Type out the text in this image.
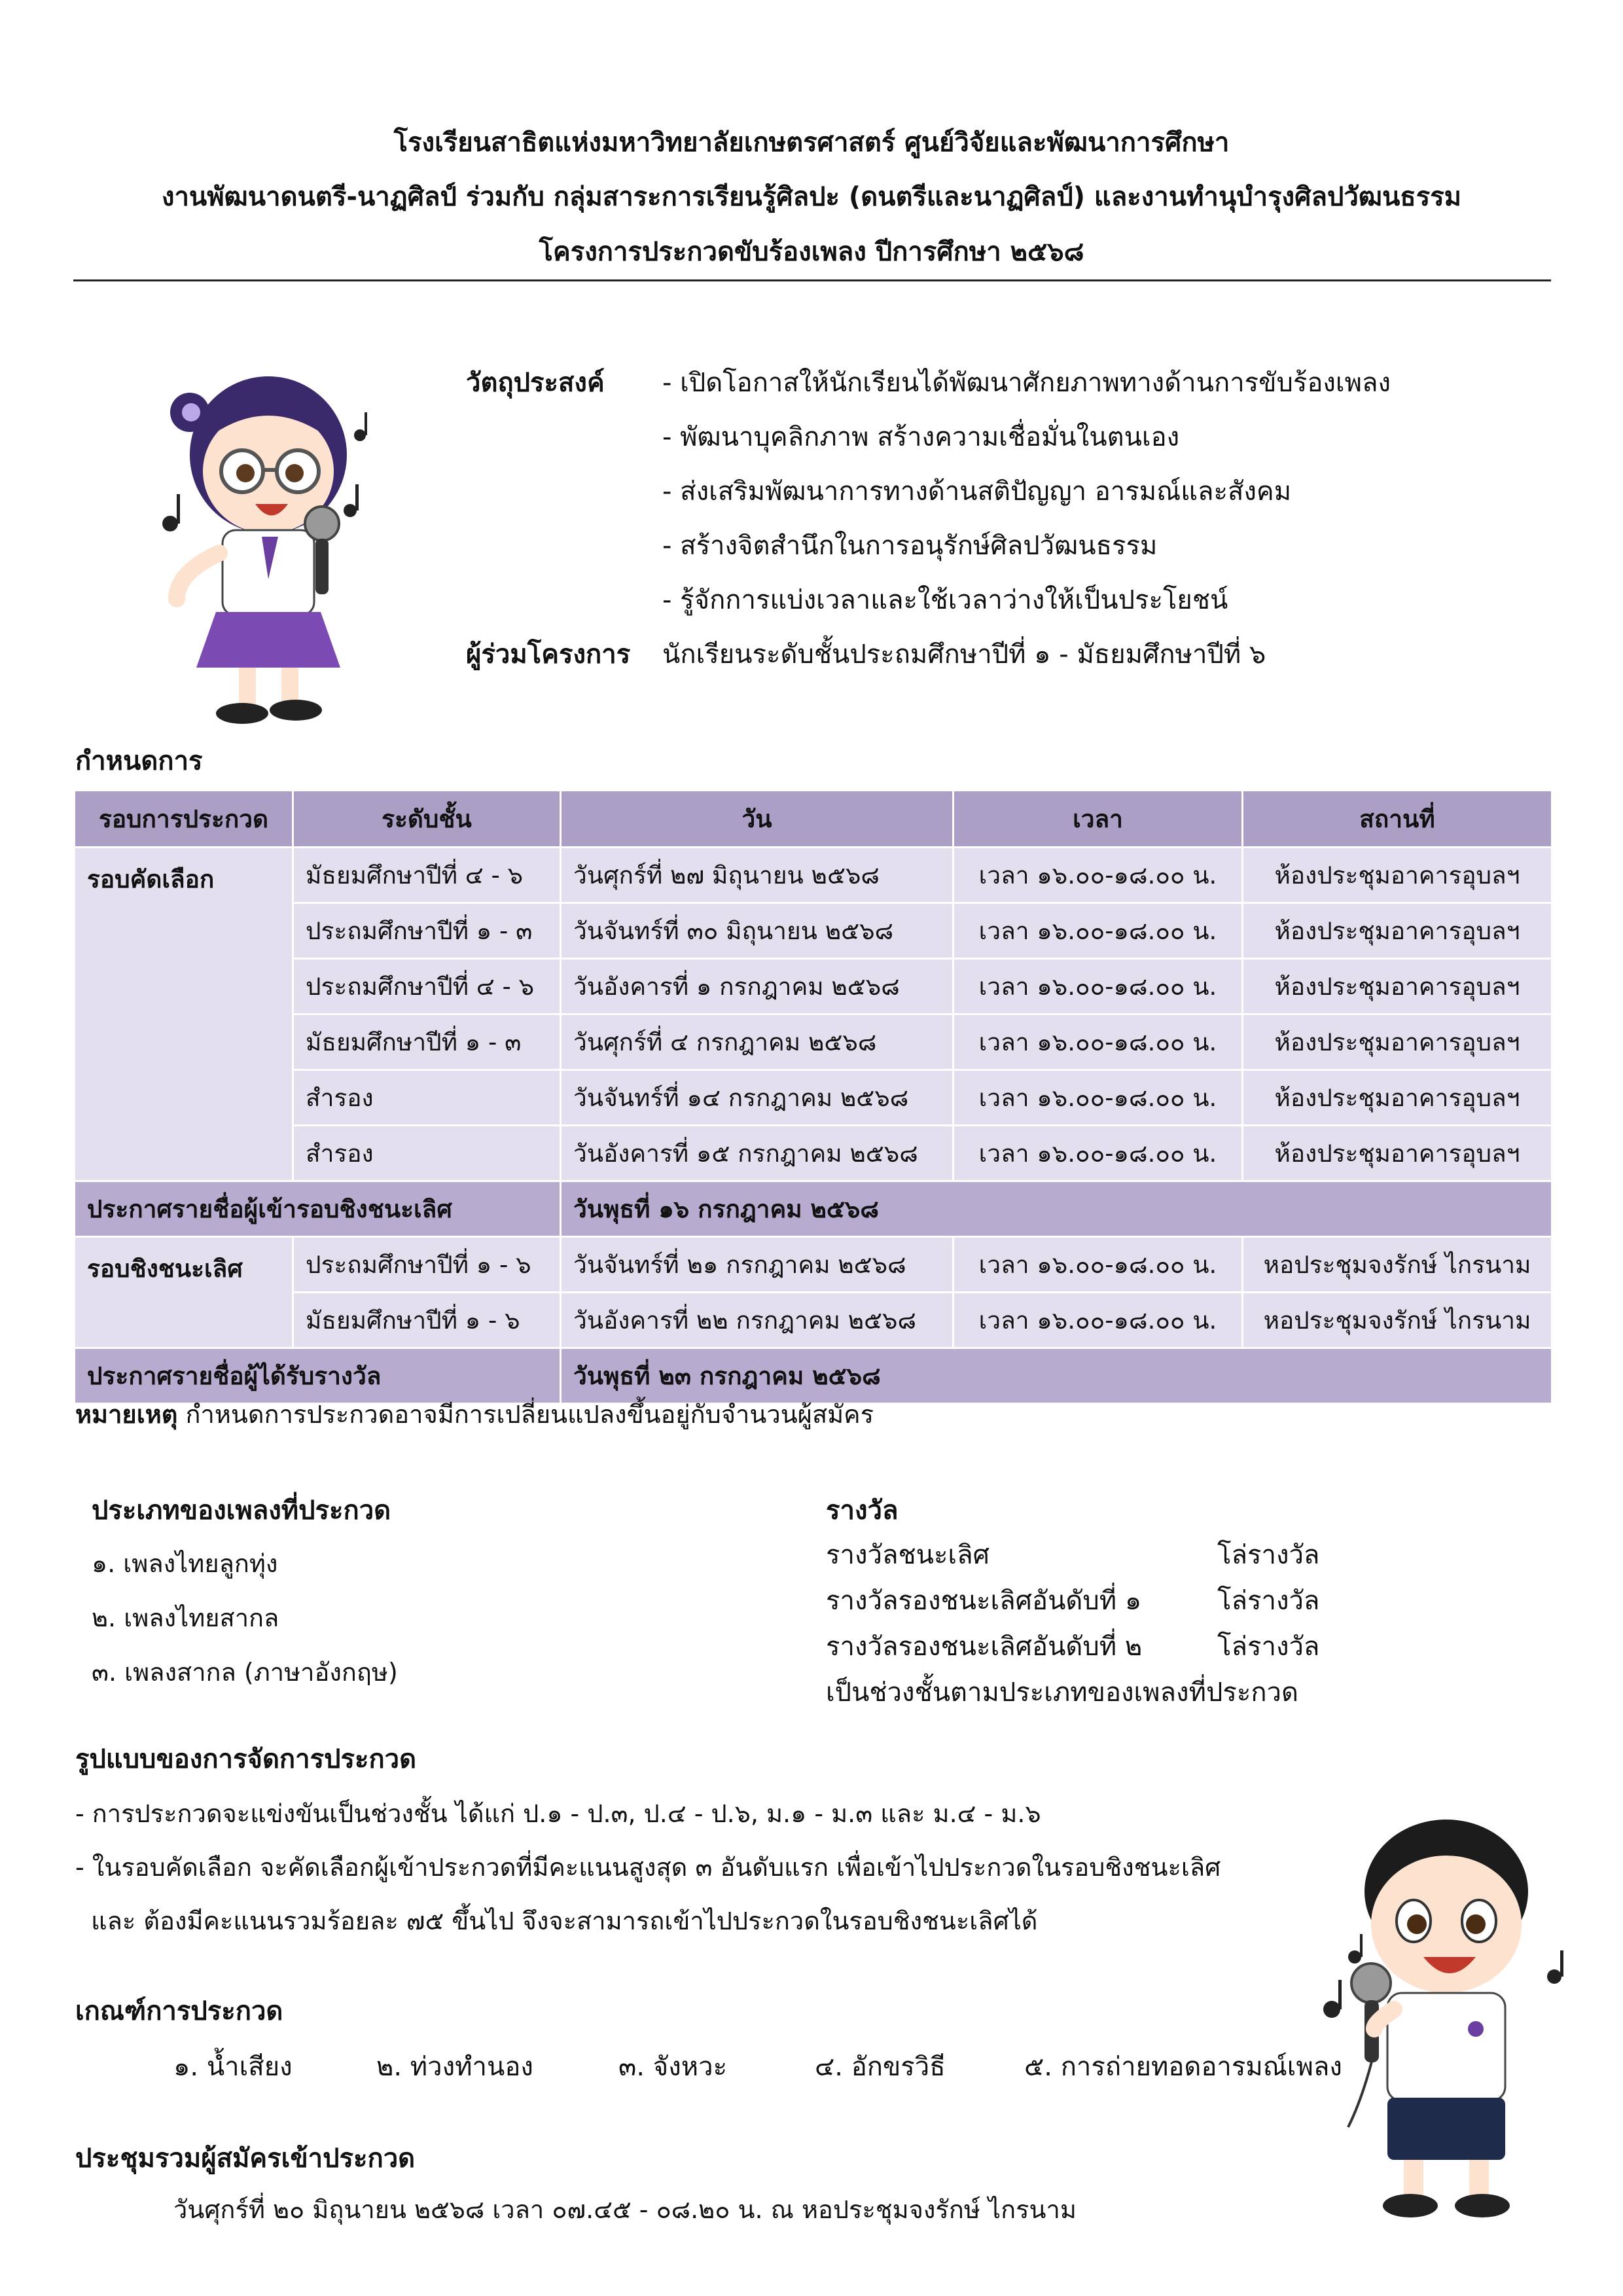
โรงเรียนสาธิตแห่งมหาวิทยาลัยเกษตรศาสตร์ ศูนย์วิจัยและพัฒนาการศึกษา
งานพัฒนาดนตรี-นาฏศิลป์ ร่วมกับ กลุ่มสาระการเรียนรู้ศิลปะ (ดนตรีและนาฏศิลป์) และงานทำนุบำรุงศิลปวัฒนธรรม
โครงการประกวดขับร้องเพลง ปีการศึกษา ๒๕๖๘
วัตถุประสงค์ - เปิดโอกาสให้นักเรียนได้พัฒนาศักยภาพทางด้านการขับร้องเพลง
- พัฒนาบุคลิกภาพ สร้างความเชื่อมั่นในตนเอง
- ส่งเสริมพัฒนาการทางด้านสติปัญญา อารมณ์และสังคม
- สร้างจิตสำนึกในการอนุรักษ์ศิลปวัฒนธรรม
- รู้จักการแบ่งเวลาและใช้เวลาว่างให้เป็นประโยชน์
ผู้ร่วมโครงการ นักเรียนระดับชั้นประถมศึกษาปีที่ ๑ - มัธยมศึกษาปีที่ ๖
กำหนดการ
รอบการประกวด	ระดับชั้น	วัน	เวลา	สถานที่
รอบคัดเลือก	มัธยมศึกษาปีที่ ๔ - ๖	วันศุกร์ที่ ๒๗ มิถุนายน ๒๕๖๘	เวลา ๑๖.๐๐-๑๘.๐๐ น.	ห้องประชุมอาคารอุบลฯ
	ประถมศึกษาปีที่ ๑ - ๓	วันจันทร์ที่ ๓๐ มิถุนายน ๒๕๖๘	เวลา ๑๖.๐๐-๑๘.๐๐ น.	ห้องประชุมอาคารอุบลฯ
	ประถมศึกษาปีที่ ๔ - ๖	วันอังคารที่ ๑ กรกฎาคม ๒๕๖๘	เวลา ๑๖.๐๐-๑๘.๐๐ น.	ห้องประชุมอาคารอุบลฯ
	มัธยมศึกษาปีที่ ๑ - ๓	วันศุกร์ที่ ๔ กรกฎาคม ๒๕๖๘	เวลา ๑๖.๐๐-๑๘.๐๐ น.	ห้องประชุมอาคารอุบลฯ
	สำรอง	วันจันทร์ที่ ๑๔ กรกฎาคม ๒๕๖๘	เวลา ๑๖.๐๐-๑๘.๐๐ น.	ห้องประชุมอาคารอุบลฯ
	สำรอง	วันอังคารที่ ๑๕ กรกฎาคม ๒๕๖๘	เวลา ๑๖.๐๐-๑๘.๐๐ น.	ห้องประชุมอาคารอุบลฯ
ประกาศรายชื่อผู้เข้ารอบชิงชนะเลิศ		วันพุธที่ ๑๖ กรกฎาคม ๒๕๖๘		
รอบชิงชนะเลิศ	ประถมศึกษาปีที่ ๑ - ๖	วันจันทร์ที่ ๒๑ กรกฎาคม ๒๕๖๘	เวลา ๑๖.๐๐-๑๘.๐๐ น.	หอประชุมจงรักษ์ ไกรนาม
	มัธยมศึกษาปีที่ ๑ - ๖	วันอังคารที่ ๒๒ กรกฎาคม ๒๕๖๘	เวลา ๑๖.๐๐-๑๘.๐๐ น.	หอประชุมจงรักษ์ ไกรนาม
ประกาศรายชื่อผู้ได้รับรางวัล		วันพุธที่ ๒๓ กรกฎาคม ๒๕๖๘		
หมายเหตุ กำหนดการประกวดอาจมีการเปลี่ยนแปลงขึ้นอยู่กับจำนวนผู้สมัคร
ประเภทของเพลงที่ประกวด
๑. เพลงไทยลูกทุ่ง
๒. เพลงไทยสากล
๓. เพลงสากล (ภาษาอังกฤษ)
รางวัล
รางวัลชนะเลิศ	โล่รางวัล
รางวัลรองชนะเลิศอันดับที่ ๑	โล่รางวัล
รางวัลรองชนะเลิศอันดับที่ ๒	โล่รางวัล
เป็นช่วงชั้นตามประเภทของเพลงที่ประกวด
รูปแบบของการจัดการประกวด
- การประกวดจะแข่งขันเป็นช่วงชั้น ได้แก่ ป.๑ - ป.๓, ป.๔ - ป.๖, ม.๑ - ม.๓ และ ม.๔ - ม.๖
- ในรอบคัดเลือก จะคัดเลือกผู้เข้าประกวดที่มีคะแนนสูงสุด ๓ อันดับแรก เพื่อเข้าไปประกวดในรอบชิงชนะเลิศ
และ ต้องมีคะแนนรวมร้อยละ ๗๕ ขึ้นไป จึงจะสามารถเข้าไปประกวดในรอบชิงชนะเลิศได้
เกณฑ์การประกวด
๑. น้ำเสียง	๒. ท่วงทำนอง	๓. จังหวะ	๔. อักขรวิธี	๕. การถ่ายทอดอารมณ์เพลง
ประชุมรวมผู้สมัครเข้าประกวด
วันศุกร์ที่ ๒๐ มิถุนายน ๒๕๖๘ เวลา ๐๗.๔๕ - ๐๘.๒๐ น. ณ หอประชุมจงรักษ์ ไกรนาม
